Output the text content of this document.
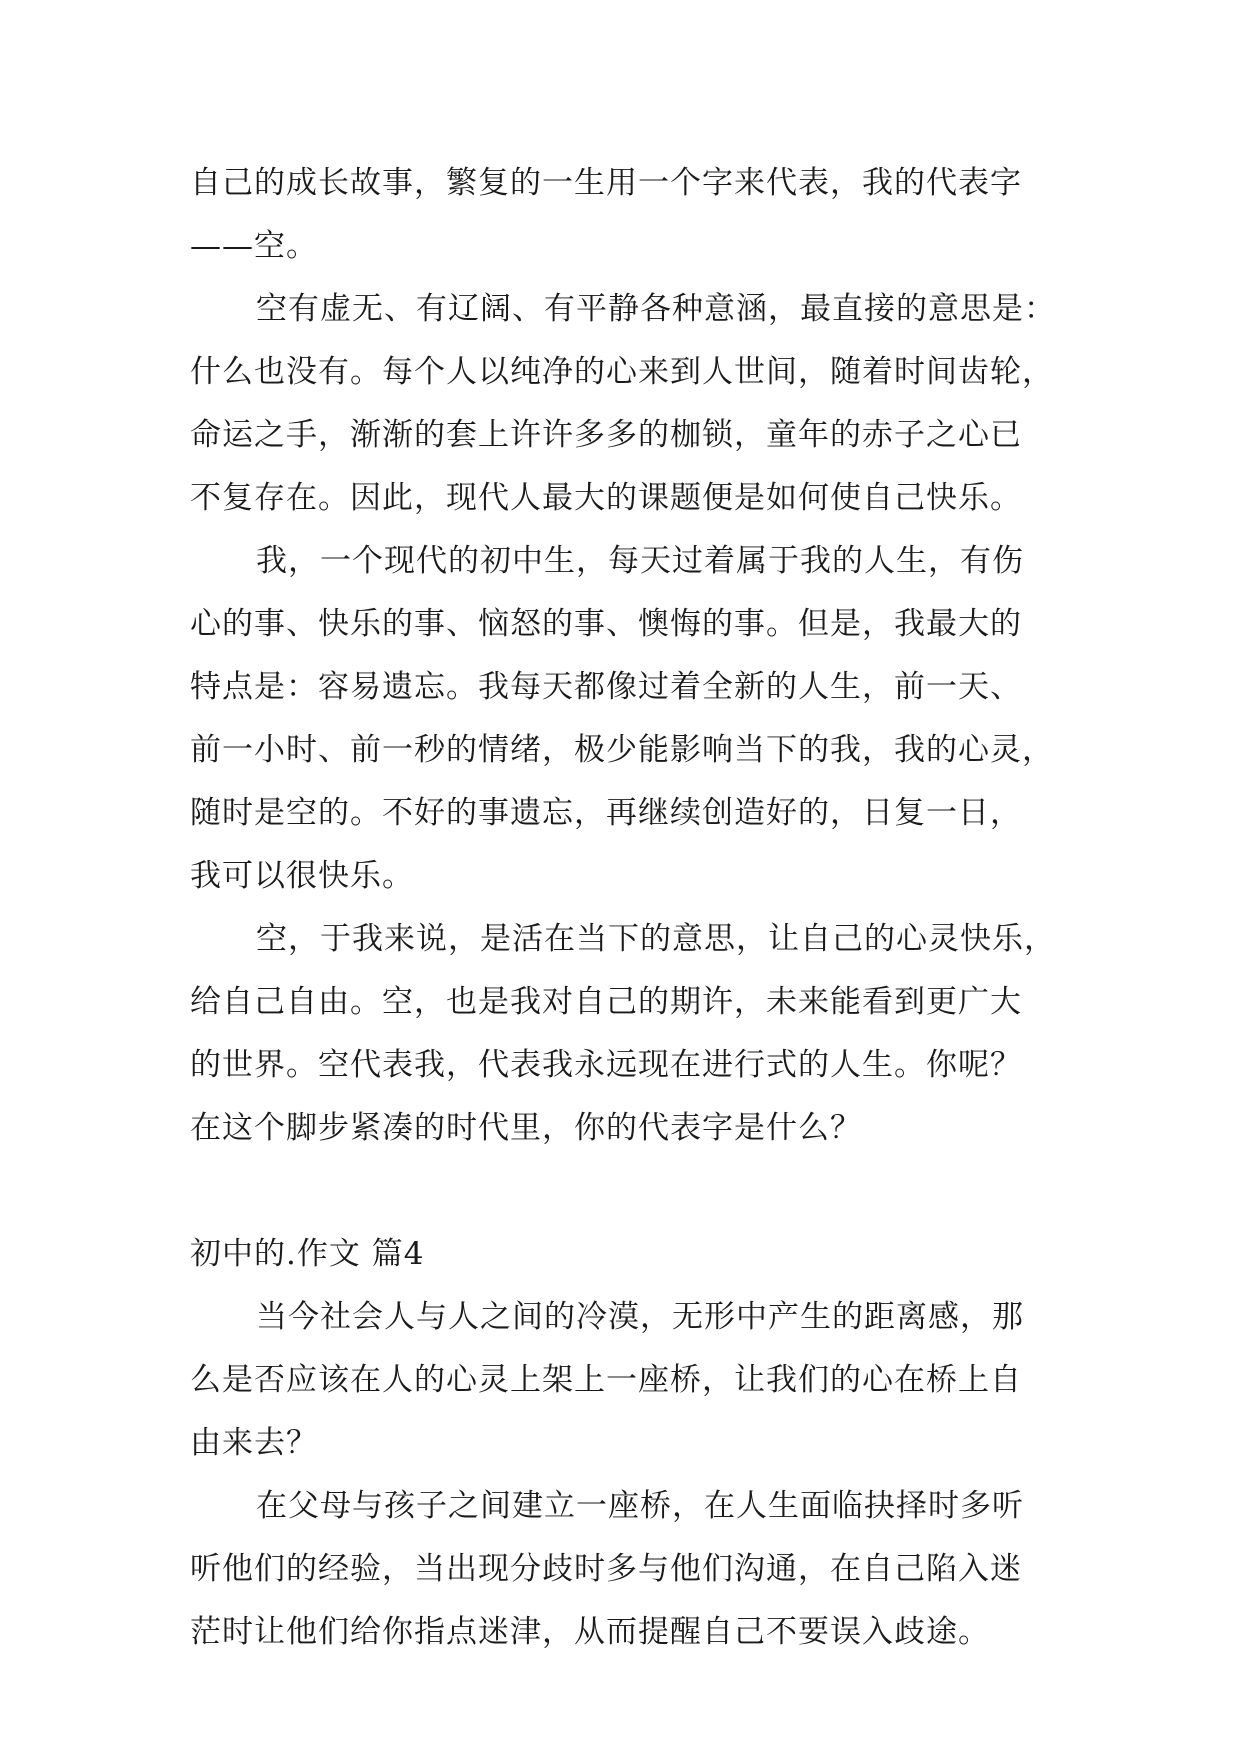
自己的成长故事，繁复的一生用一个字来代表，我的代表字
——空。
空有虚无、有辽阔、有平静各种意涵，最直接的意思是：
什么也没有。每个人以纯净的心来到人世间，随着时间齿轮，
命运之手，渐渐的套上许许多多的枷锁，童年的赤子之心已
不复存在。因此，现代人最大的课题便是如何使自己快乐。
我，一个现代的初中生，每天过着属于我的人生，有伤
心的事、快乐的事、恼怒的事、懊悔的事。但是，我最大的
特点是：容易遗忘。我每天都像过着全新的人生，前一天、
前一小时、前一秒的情绪，极少能影响当下的我，我的心灵，
随时是空的。不好的事遗忘，再继续创造好的，日复一日，
我可以很快乐。
空，于我来说，是活在当下的意思，让自己的心灵快乐，
给自己自由。空，也是我对自己的期许，未来能看到更广大
的世界。空代表我，代表我永远现在进行式的人生。你呢？
在这个脚步紧凑的时代里，你的代表字是什么？
初中的.作文 篇4
当今社会人与人之间的冷漠，无形中产生的距离感，那
么是否应该在人的心灵上架上一座桥，让我们的心在桥上自
由来去？
在父母与孩子之间建立一座桥，在人生面临抉择时多听
听他们的经验，当出现分歧时多与他们沟通，在自己陷入迷
茫时让他们给你指点迷津，从而提醒自己不要误入歧途。
